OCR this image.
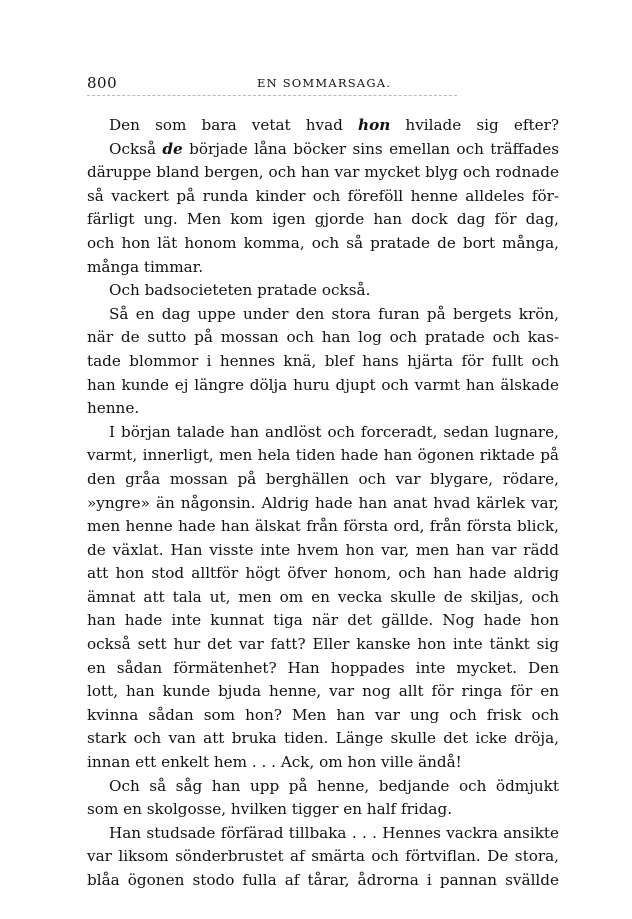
800	EN SOMMARSAGA.
Den som bara vetat hvad hon hvilade sig efter?
Också de började låna böcker sins emellan och träffades
däruppe bland bergen, och han var mycket blyg och rodnade
så vackert på runda kinder och föreföll henne alldeles för-
färligt ung. Men kom igen gjorde han dock dag för dag,
och hon lät honom komma, och så pratade de bort många,
många timmar.
Och badsocieteten pratade också.
Så en dag uppe under den stora furan på bergets krön,
när de sutto på mossan och han log och pratade och kas-
tade blommor i hennes knä, blef hans hjärta för fullt och
han kunde ej längre dölja huru djupt och varmt han älskade
henne.
I början talade han andlöst och forceradt, sedan lugnare,
varmt, innerligt, men hela tiden hade han ögonen riktade på
den gråa mossan på berghällen och var blygare, rödare,
»yngre» än någonsin. Aldrig hade han anat hvad kärlek var,
men henne hade han älskat från första ord, från första blick,
de växlat. Han visste inte hvem hon var, men han var rädd
att hon stod alltför högt öfver honom, och han hade aldrig
ämnat att tala ut, men om en vecka skulle de skiljas, och
han hade inte kunnat tiga när det gällde. Nog hade hon
också sett hur det var fatt? Eller kanske hon inte tänkt sig
en sådan förmätenhet? Han hoppades inte mycket. Den
lott, han kunde bjuda henne, var nog allt för ringa för en
kvinna sådan som hon? Men han var ung och frisk och
stark och van att bruka tiden. Länge skulle det icke dröja,
innan ett enkelt hem . . . Ack, om hon ville ändå!
Och så såg han upp på henne, bedjande och ödmjukt
som en skolgosse, hvilken tigger en half fridag.
Han studsade förfärad tillbaka . . . Hennes vackra ansikte
var liksom sönderbrustet af smärta och förtviflan. De stora,
blåa ögonen stodo fulla af tårar, ådrorna i pannan svällde
